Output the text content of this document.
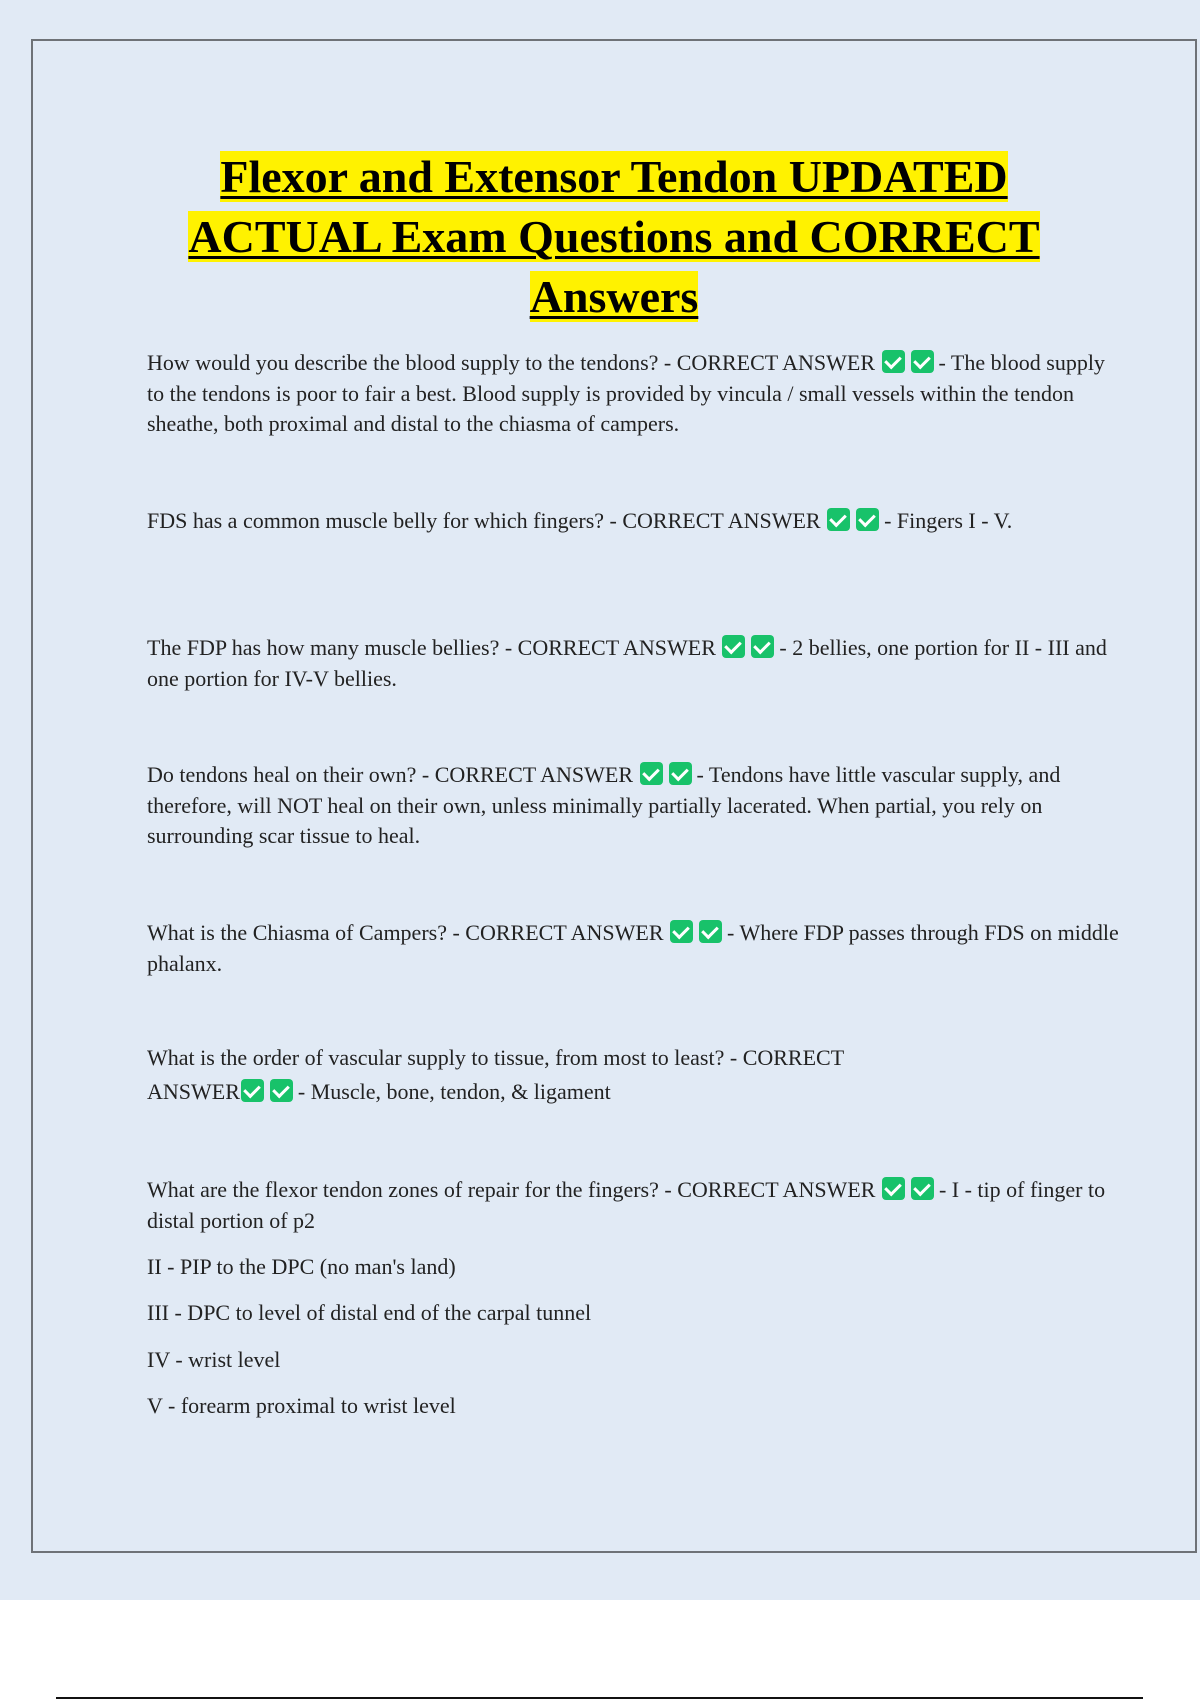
Flexor and Extensor Tendon UPDATED
ACTUAL Exam Questions and CORRECT
Answers

How would you describe the blood supply to the tendons? - CORRECT ANSWER	- The blood supply to the tendons is poor to fair a best. Blood supply is provided by vincula / small vessels within the tendon sheathe, both proximal and distal to the chiasma of campers.

FDS has a common muscle belly for which fingers? - CORRECT ANSWER	- Fingers I - V.

The FDP has how many muscle bellies? - CORRECT ANSWER	- 2 bellies, one portion for II - III and one portion for IV-V bellies.

Do tendons heal on their own? - CORRECT ANSWER	- Tendons have little vascular supply, and therefore, will NOT heal on their own, unless minimally partially lacerated. When partial, you rely on surrounding scar tissue to heal.

What is the Chiasma of Campers? - CORRECT ANSWER	- Where FDP passes through FDS on middle phalanx.

What is the order of vascular supply to tissue, from most to least? - CORRECT
ANSWER	- Muscle, bone, tendon, & ligament

What are the flexor tendon zones of repair for the fingers? - CORRECT ANSWER	- I - tip of finger to distal portion of p2

II - PIP to the DPC (no man's land)

III - DPC to level of distal end of the carpal tunnel

IV - wrist level

V - forearm proximal to wrist level
